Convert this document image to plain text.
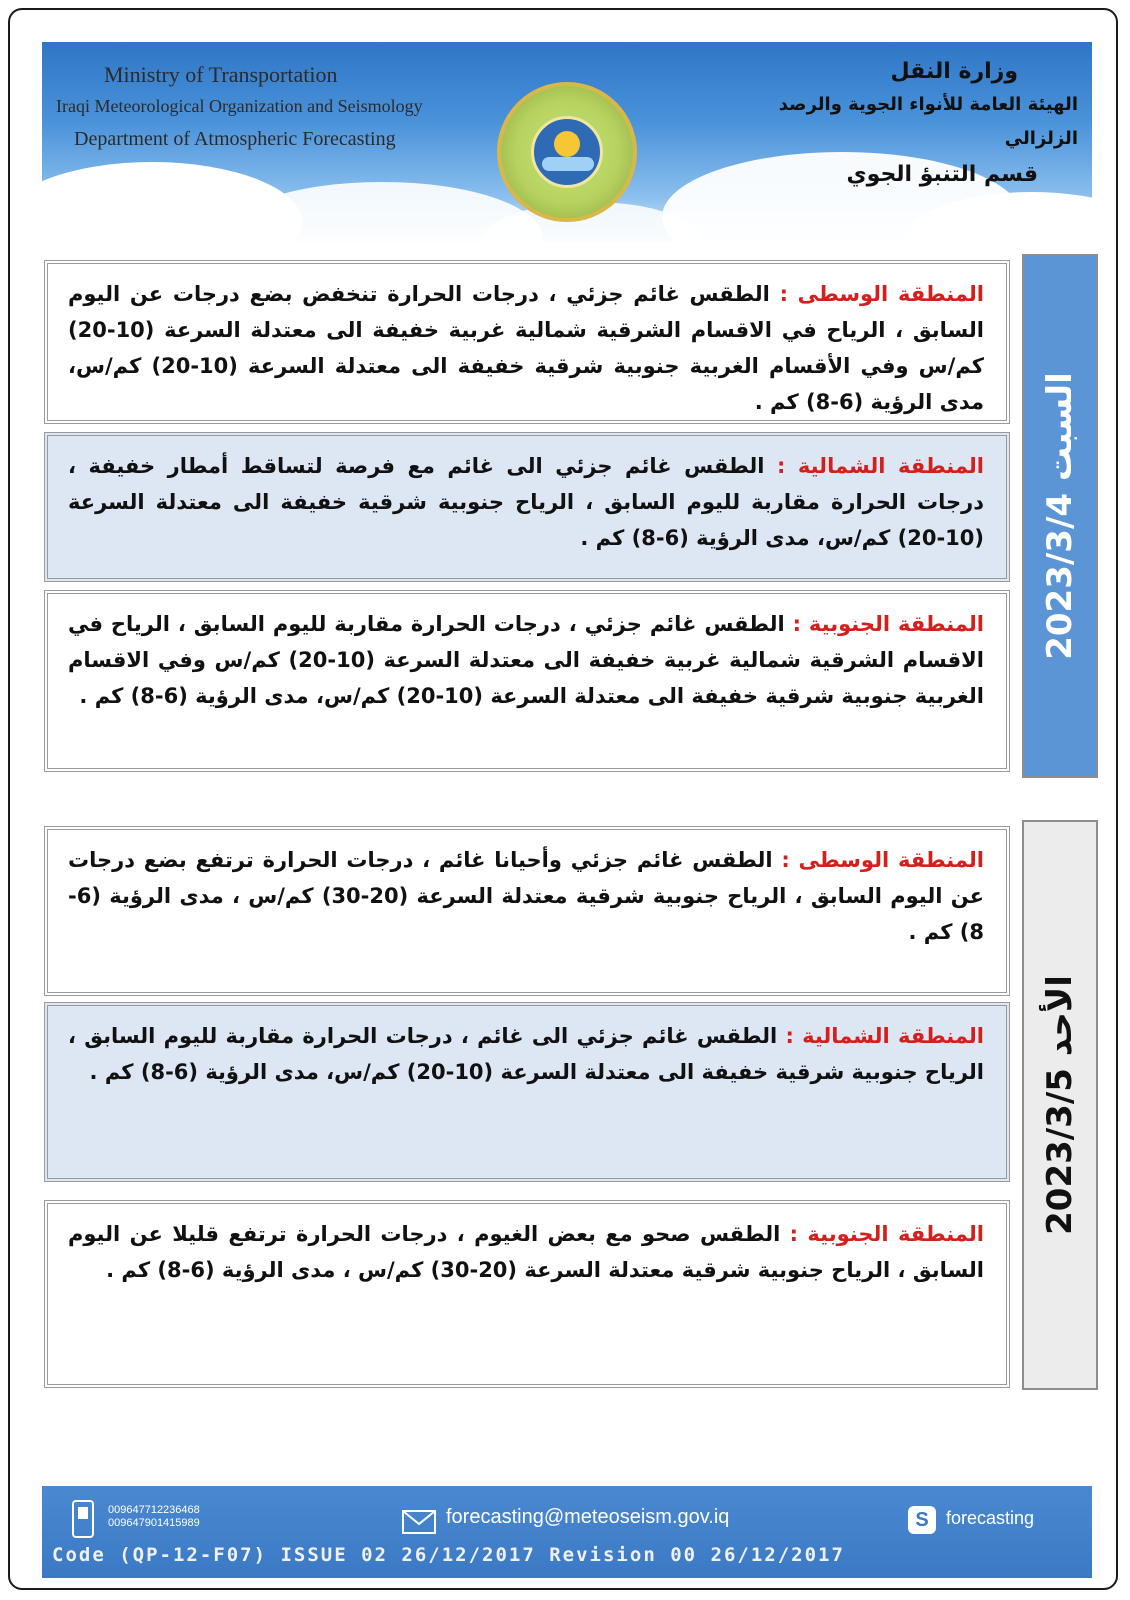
Ministry of Transportation
Iraqi Meteorological Organization and Seismology
Department of Atmospheric Forecasting
وزارة النقل
الهيئة العامة للأنواء الجوية والرصد الزلزالي
قسم التنبؤ الجوي
السبت 2023/3/4
المنطقة الوسطى : الطقس غائم جزئي ، درجات الحرارة تنخفض بضع درجات عن اليوم السابق ، الرياح في الاقسام الشرقية شمالية غربية خفيفة الى معتدلة السرعة (10-20) كم/س وفي الأقسام الغربية جنوبية شرقية خفيفة الى معتدلة السرعة (10-20) كم/س، مدى الرؤية (6-8) كم .
المنطقة الشمالية : الطقس غائم جزئي الى غائم مع فرصة لتساقط أمطار خفيفة ، درجات الحرارة مقاربة لليوم السابق ، الرياح جنوبية شرقية خفيفة الى معتدلة السرعة (10-20) كم/س، مدى الرؤية (6-8) كم .
المنطقة الجنوبية : الطقس غائم جزئي ، درجات الحرارة مقاربة لليوم السابق ، الرياح في الاقسام الشرقية شمالية غربية خفيفة الى معتدلة السرعة (10-20) كم/س وفي الاقسام الغربية جنوبية شرقية خفيفة الى معتدلة السرعة (10-20) كم/س، مدى الرؤية (6-8) كم .
الأحد 2023/3/5
المنطقة الوسطى : الطقس غائم جزئي وأحيانا غائم ، درجات الحرارة ترتفع بضع درجات عن اليوم السابق ، الرياح جنوبية شرقية معتدلة السرعة (20-30) كم/س ، مدى الرؤية (6-8) كم .
المنطقة الشمالية : الطقس غائم جزئي الى غائم ، درجات الحرارة مقاربة لليوم السابق ، الرياح جنوبية شرقية خفيفة الى معتدلة السرعة (10-20) كم/س، مدى الرؤية (6-8) كم .
المنطقة الجنوبية : الطقس صحو مع بعض الغيوم ، درجات الحرارة ترتفع قليلا عن اليوم السابق ، الرياح جنوبية شرقية معتدلة السرعة (20-30) كم/س ، مدى الرؤية (6-8) كم .
009647712236468
009647901415989	forecasting@meteoseism.gov.iq	S forecasting
Code (QP-12-F07) ISSUE 02 26/12/2017 Revision 00 26/12/2017
